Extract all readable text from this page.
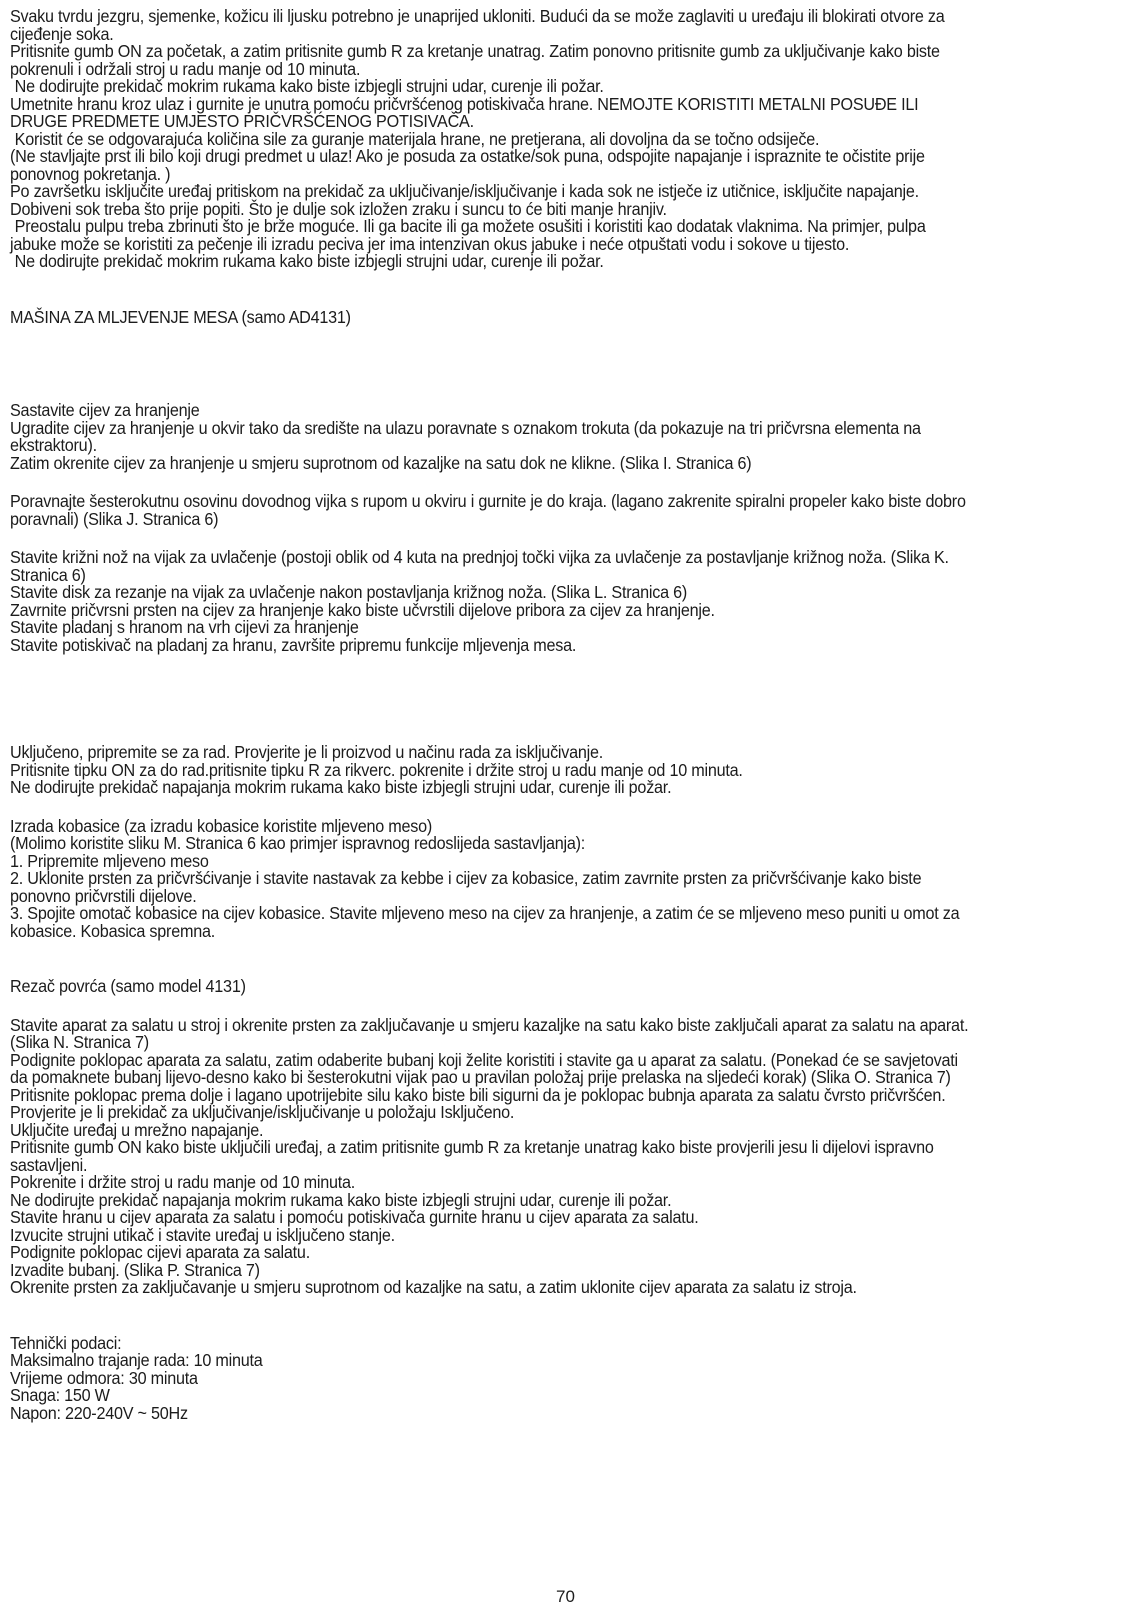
Svaku tvrdu jezgru, sjemenke, kožicu ili ljusku potrebno je unaprijed ukloniti. Budući da se može zaglaviti u uređaju ili blokirati otvore za
cijeđenje soka.
Pritisnite gumb ON za početak, a zatim pritisnite gumb R za kretanje unatrag. Zatim ponovno pritisnite gumb za uključivanje kako biste
pokrenuli i održali stroj u radu manje od 10 minuta.
Ne dodirujte prekidač mokrim rukama kako biste izbjegli strujni udar, curenje ili požar.
Umetnite hranu kroz ulaz i gurnite je unutra pomoću pričvršćenog potiskivača hrane. NEMOJTE KORISTITI METALNI POSUĐE ILI
DRUGE PREDMETE UMJESTO PRIČVRŠĆENOG POTISIVAČA.
Koristit će se odgovarajuća količina sile za guranje materijala hrane, ne pretjerana, ali dovoljna da se točno odsiječe.
(Ne stavljajte prst ili bilo koji drugi predmet u ulaz! Ako je posuda za ostatke/sok puna, odspojite napajanje i ispraznite te očistite prije
ponovnog pokretanja. )
Po završetku isključite uređaj pritiskom na prekidač za uključivanje/isključivanje i kada sok ne istječe iz utičnice, isključite napajanje.
Dobiveni sok treba što prije popiti. Što je dulje sok izložen zraku i suncu to će biti manje hranjiv.
Preostalu pulpu treba zbrinuti što je brže moguće. Ili ga bacite ili ga možete osušiti i koristiti kao dodatak vlaknima. Na primjer, pulpa
jabuke može se koristiti za pečenje ili izradu peciva jer ima intenzivan okus jabuke i neće otpuštati vodu i sokove u tijesto.
Ne dodirujte prekidač mokrim rukama kako biste izbjegli strujni udar, curenje ili požar.
MAŠINA ZA MLJEVENJE MESA (samo AD4131)
Sastavite cijev za hranjenje
Ugradite cijev za hranjenje u okvir tako da središte na ulazu poravnate s oznakom trokuta (da pokazuje na tri pričvrsna elementa na
ekstraktoru).
Zatim okrenite cijev za hranjenje u smjeru suprotnom od kazaljke na satu dok ne klikne. (Slika I. Stranica 6)
Poravnajte šesterokutnu osovinu dovodnog vijka s rupom u okviru i gurnite je do kraja. (lagano zakrenite spiralni propeler kako biste dobro
poravnali) (Slika J. Stranica 6)
Stavite križni nož na vijak za uvlačenje (postoji oblik od 4 kuta na prednjoj točki vijka za uvlačenje za postavljanje križnog noža. (Slika K.
Stranica 6)
Stavite disk za rezanje na vijak za uvlačenje nakon postavljanja križnog noža. (Slika L. Stranica 6)
Zavrnite pričvrsni prsten na cijev za hranjenje kako biste učvrstili dijelove pribora za cijev za hranjenje.
Stavite pladanj s hranom na vrh cijevi za hranjenje
Stavite potiskivač na pladanj za hranu, završite pripremu funkcije mljevenja mesa.
Uključeno, pripremite se za rad. Provjerite je li proizvod u načinu rada za isključivanje.
Pritisnite tipku ON za do rad.pritisnite tipku R za rikverc. pokrenite i držite stroj u radu manje od 10 minuta.
Ne dodirujte prekidač napajanja mokrim rukama kako biste izbjegli strujni udar, curenje ili požar.
Izrada kobasice (za izradu kobasice koristite mljeveno meso)
(Molimo koristite sliku M. Stranica 6 kao primjer ispravnog redoslijeda sastavljanja):
1. Pripremite mljeveno meso
2. Uklonite prsten za pričvršćivanje i stavite nastavak za kebbe i cijev za kobasice, zatim zavrnite prsten za pričvršćivanje kako biste
ponovno pričvrstili dijelove.
3. Spojite omotač kobasice na cijev kobasice. Stavite mljeveno meso na cijev za hranjenje, a zatim će se mljeveno meso puniti u omot za
kobasice. Kobasica spremna.
Rezač povrća (samo model 4131)
Stavite aparat za salatu u stroj i okrenite prsten za zaključavanje u smjeru kazaljke na satu kako biste zaključali aparat za salatu na aparat.
(Slika N. Stranica 7)
Podignite poklopac aparata za salatu, zatim odaberite bubanj koji želite koristiti i stavite ga u aparat za salatu. (Ponekad će se savjetovati
da pomaknete bubanj lijevo-desno kako bi šesterokutni vijak pao u pravilan položaj prije prelaska na sljedeći korak) (Slika O. Stranica 7)
Pritisnite poklopac prema dolje i lagano upotrijebite silu kako biste bili sigurni da je poklopac bubnja aparata za salatu čvrsto pričvršćen.
Provjerite je li prekidač za uključivanje/isključivanje u položaju Isključeno.
Uključite uređaj u mrežno napajanje.
Pritisnite gumb ON kako biste uključili uređaj, a zatim pritisnite gumb R za kretanje unatrag kako biste provjerili jesu li dijelovi ispravno
sastavljeni.
Pokrenite i držite stroj u radu manje od 10 minuta.
Ne dodirujte prekidač napajanja mokrim rukama kako biste izbjegli strujni udar, curenje ili požar.
Stavite hranu u cijev aparata za salatu i pomoću potiskivača gurnite hranu u cijev aparata za salatu.
Izvucite strujni utikač i stavite uređaj u isključeno stanje.
Podignite poklopac cijevi aparata za salatu.
Izvadite bubanj. (Slika P. Stranica 7)
Okrenite prsten za zaključavanje u smjeru suprotnom od kazaljke na satu, a zatim uklonite cijev aparata za salatu iz stroja.
Tehnički podaci:
Maksimalno trajanje rada: 10 minuta
Vrijeme odmora: 30 minuta
Snaga: 150 W
Napon: 220-240V ~ 50Hz
70
